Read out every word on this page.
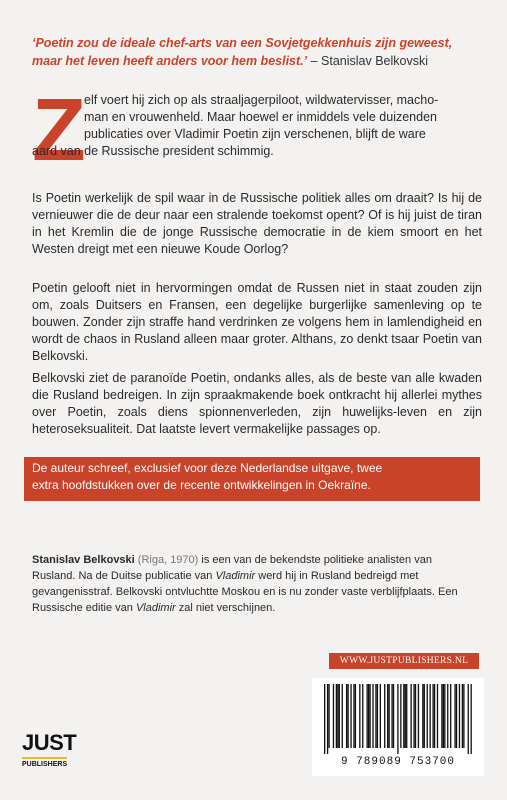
‘Poetin zou de ideale chef-arts van een Sovjetgekkenhuis zijn geweest,
maar het leven heeft anders voor hem beslist.’ – Stanislav Belkovski
Z
elf voert hij zich op als straaljagerpiloot, wildwatervisser, macho-
man en vrouwenheld. Maar hoewel er inmiddels vele duizenden
publicaties over Vladimir Poetin zijn verschenen, blijft de ware
aard van de Russische president schimmig.
Is Poetin werkelijk de spil waar in de Russische politiek alles om draait? Is hij de vernieuwer die de deur naar een stralende toekomst opent? Of is hij juist de tiran in het Kremlin die de jonge Russische democratie in de kiem smoort en het Westen dreigt met een nieuwe Koude Oorlog?
Poetin gelooft niet in hervormingen omdat de Russen niet in staat zouden zijn om, zoals Duitsers en Fransen, een degelijke burgerlijke samenleving op te bouwen. Zonder zijn straffe hand verdrinken ze volgens hem in lamlendigheid en wordt de chaos in Rusland alleen maar groter. Althans, zo denkt tsaar Poetin van Belkovski.
Belkovski ziet de paranoïde Poetin, ondanks alles, als de beste van alle kwaden die Rusland bedreigen. In zijn spraakmakende boek ontkracht hij allerlei mythes over Poetin, zoals diens spionnenverleden, zijn huwelijks-leven en zijn heteroseksualiteit. Dat laatste levert vermakelijke passages op.
De auteur schreef, exclusief voor deze Nederlandse uitgave, twee
extra hoofdstukken over de recente ontwikkelingen in Oekraïne.
Stanislav Belkovski (Riga, 1970) is een van de bekendste politieke analisten van Rusland. Na de Duitse publicatie van Vladimir werd hij in Rusland bedreigd met gevangenisstraf. Belkovski ontvluchtte Moskou en is nu zonder vaste verblijfplaats. Een Russische editie van Vladimir zal niet verschijnen.
WWW.JUSTPUBLISHERS.NL
JUST
PUBLISHERS	9 789089 753700
